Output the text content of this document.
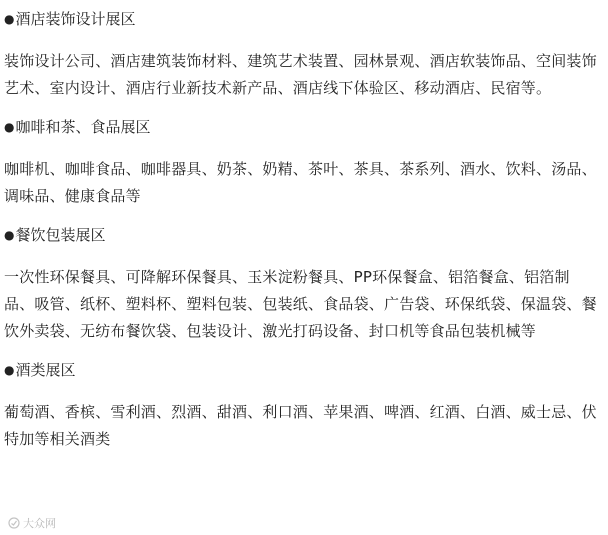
●酒店装饰设计展区

装饰设计公司、酒店建筑装饰材料、建筑艺术装置、园林景观、酒店软装饰品、空间装饰艺术、室内设计、酒店行业新技术新产品、酒店线下体验区、移动酒店、民宿等。

●咖啡和茶、食品展区

咖啡机、咖啡食品、咖啡器具、奶茶、奶精、茶叶、茶具、茶系列、酒水、饮料、汤品、调味品、健康食品等

●餐饮包装展区

一次性环保餐具、可降解环保餐具、玉米淀粉餐具、PP环保餐盒、铝箔餐盒、铝箔制品、吸管、纸杯、塑料杯、塑料包装、包装纸、食品袋、广告袋、环保纸袋、保温袋、餐饮外卖袋、无纺布餐饮袋、包装设计、激光打码设备、封口机等食品包装机械等

●酒类展区

葡萄酒、香槟、雪利酒、烈酒、甜酒、利口酒、苹果酒、啤酒、红酒、白酒、威士忌、伏特加等相关酒类

大众网
